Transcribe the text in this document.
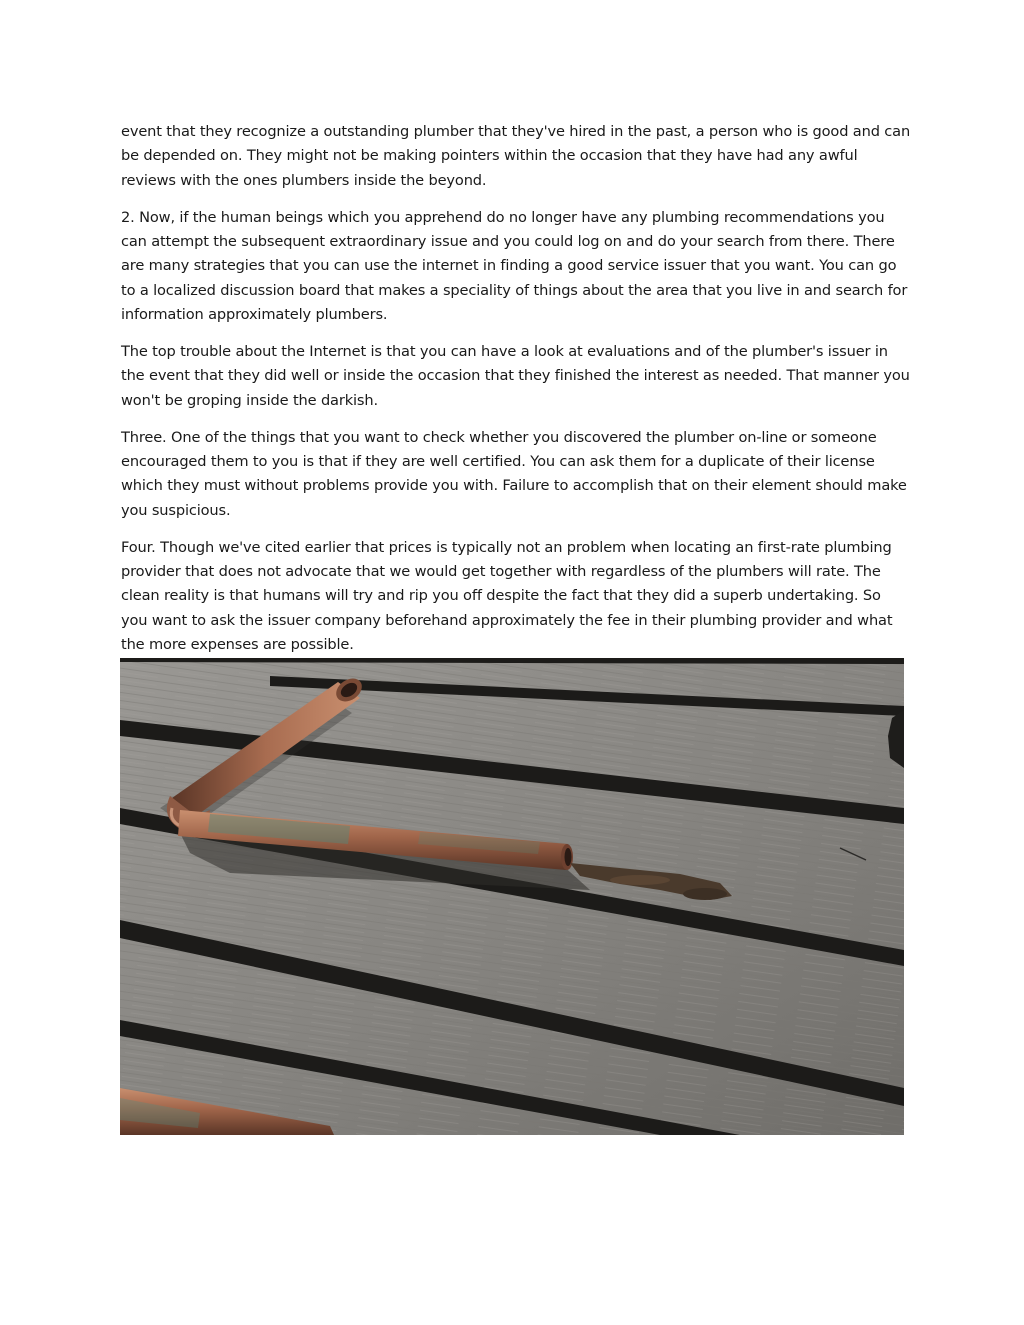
event that they recognize a outstanding plumber that they've hired in the past, a person who is good and can be depended on. They might not be making pointers within the occasion that they have had any awful reviews with the ones plumbers inside the beyond.

2. Now, if the human beings which you apprehend do no longer have any plumbing recommendations you can attempt the subsequent extraordinary issue and you could log on and do your search from there. There are many strategies that you can use the internet in finding a good service issuer that you want. You can go to a localized discussion board that makes a speciality of things about the area that you live in and search for information approximately plumbers.

The top trouble about the Internet is that you can have a look at evaluations and of the plumber's issuer in the event that they did well or inside the occasion that they finished the interest as needed. That manner you won't be groping inside the darkish.

Three. One of the things that you want to check whether you discovered the plumber on-line or someone encouraged them to you is that if they are well certified. You can ask them for a duplicate of their license which they must without problems provide you with. Failure to accomplish that on their element should make you suspicious.

Four. Though we've cited earlier that prices is typically not an problem when locating an first-rate plumbing provider that does not advocate that we would get together with regardless of the plumbers will rate. The clean reality is that humans will try and rip you off despite the fact that they did a superb undertaking. So you want to ask the issuer company beforehand approximately the fee in their plumbing provider and what the more expenses are possible.
